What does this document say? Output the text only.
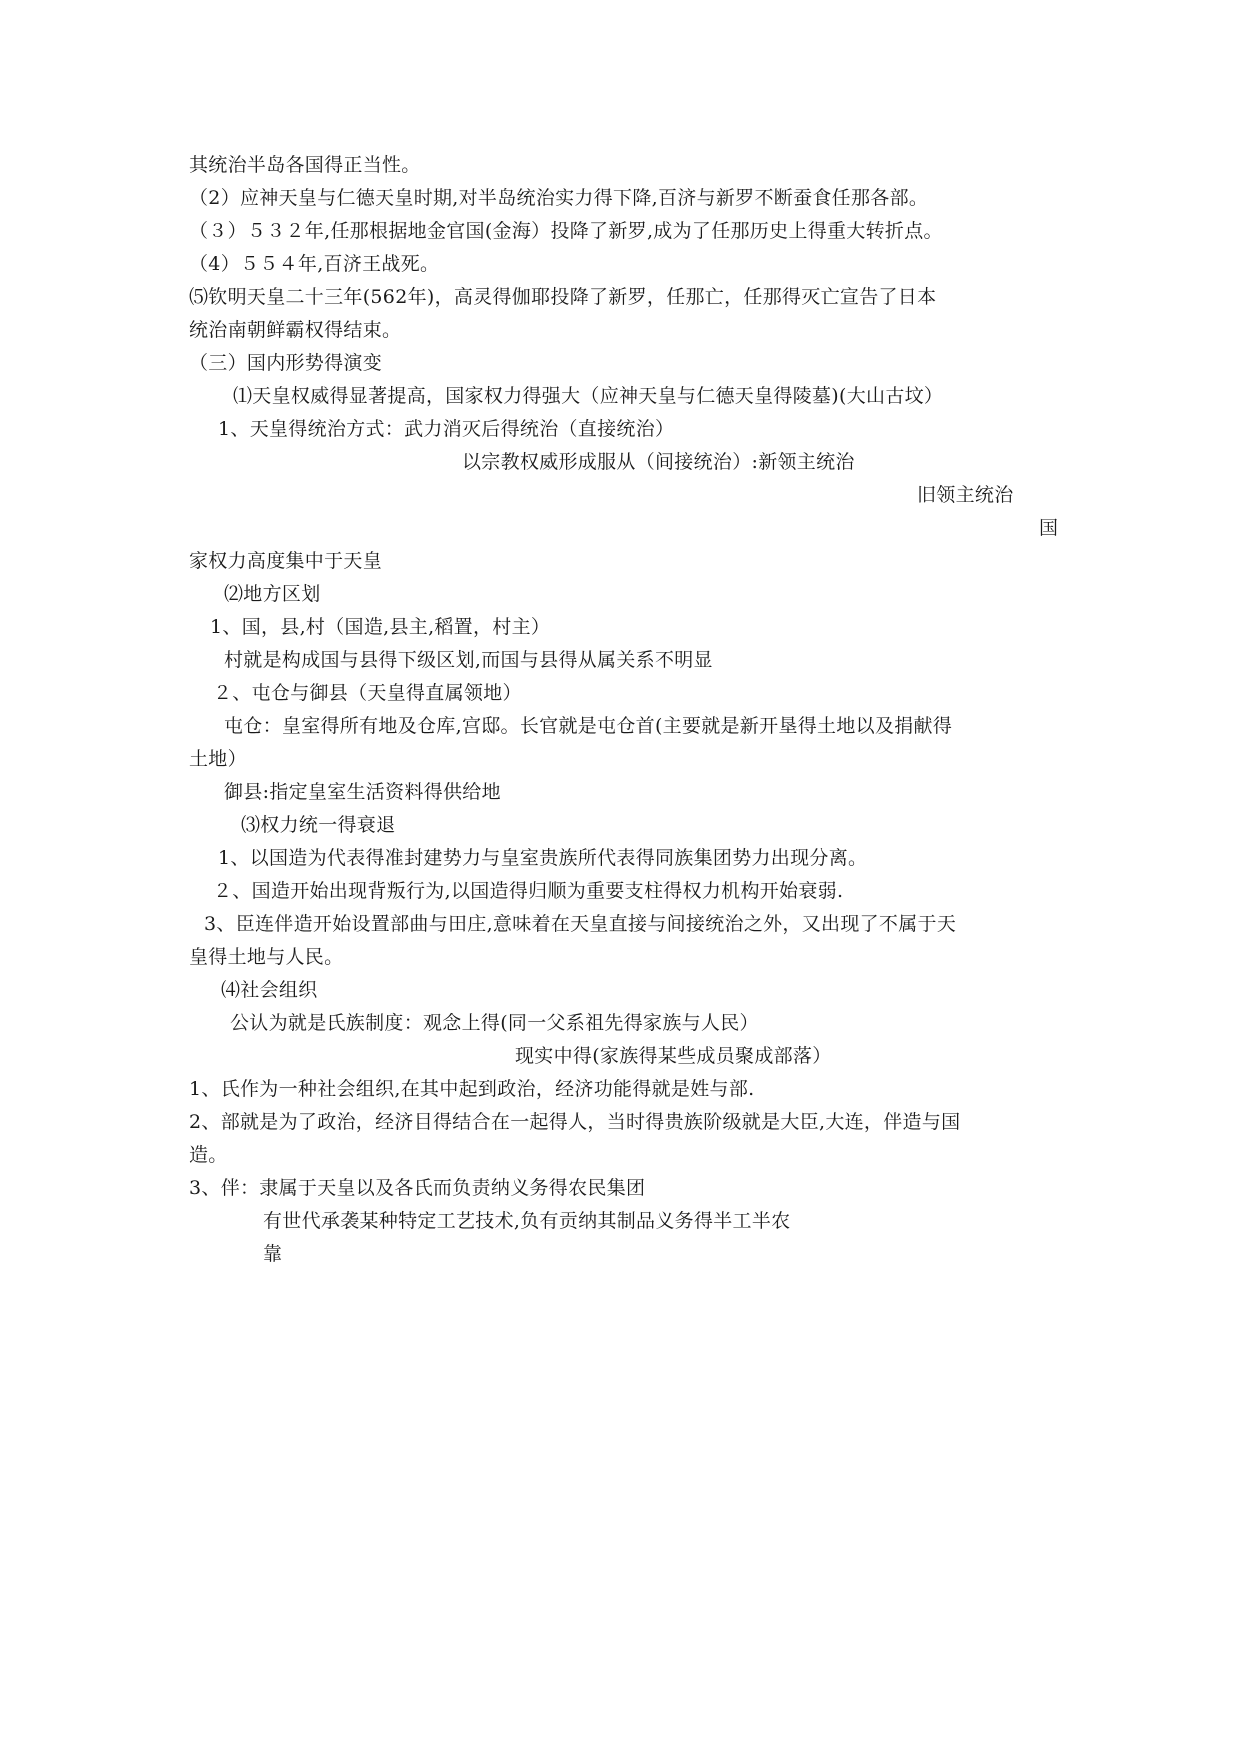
其统治半岛各国得正当性。
（2）应神天皇与仁德天皇时期,对半岛统治实力得下降,百济与新罗不断蚕食任那各部。
（３）５３２年,任那根据地金官国(金海）投降了新罗,成为了任那历史上得重大转折点。
（4）５５４年,百济王战死。
⑸钦明天皇二十三年(562年)，高灵得伽耶投降了新罗，任那亡，任那得灭亡宣告了日本
统治南朝鲜霸权得结束。
（三）国内形势得演变
⑴天皇权威得显著提高，国家权力得强大（应神天皇与仁德天皇得陵墓)(大山古坟）
1、天皇得统治方式：武力消灭后得统治（直接统治）
以宗教权威形成服从（间接统治）:新领主统治
旧领主统治
国
家权力高度集中于天皇
⑵地方区划
1、国，县,村（国造,县主,稻置，村主）
村就是构成国与县得下级区划,而国与县得从属关系不明显
２、屯仓与御县（天皇得直属领地）
屯仓：皇室得所有地及仓库,宫邸。长官就是屯仓首(主要就是新开垦得土地以及捐献得
土地）
御县:指定皇室生活资料得供给地
⑶权力统一得衰退
1、以国造为代表得准封建势力与皇室贵族所代表得同族集团势力出现分离。
２、国造开始出现背叛行为,以国造得归顺为重要支柱得权力机构开始衰弱.
3、臣连伴造开始设置部曲与田庄,意味着在天皇直接与间接统治之外，又出现了不属于天
皇得土地与人民。
⑷社会组织
公认为就是氏族制度：观念上得(同一父系祖先得家族与人民）
现实中得(家族得某些成员聚成部落）
1、氏作为一种社会组织,在其中起到政治，经济功能得就是姓与部.
2、部就是为了政治，经济目得结合在一起得人，当时得贵族阶级就是大臣,大连，伴造与国
造。
3、伴：隶属于天皇以及各氏而负责纳义务得农民集团
有世代承袭某种特定工艺技术,负有贡纳其制品义务得半工半农
靠
